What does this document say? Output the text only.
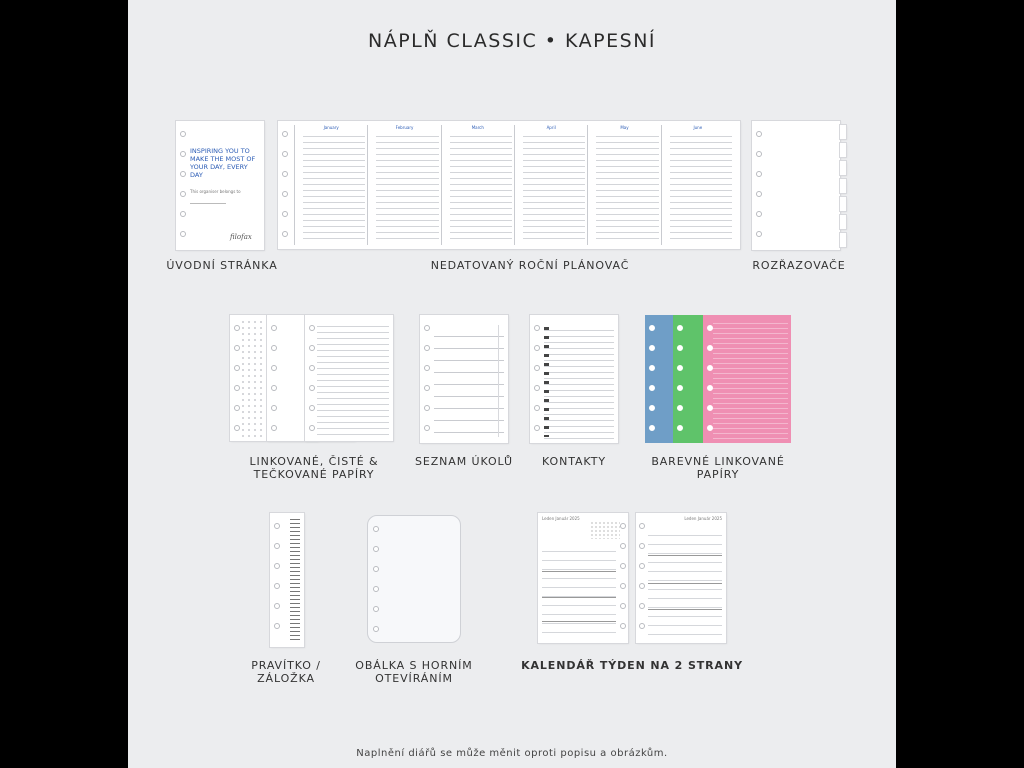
NÁPLŇ CLASSIC • KAPESNÍ
INSPIRING YOU TO MAKE THE MOST OF YOUR DAY, EVERY DAY
This organiser belongs to
filofax
January	February	March	April	May	June
ÚVODNÍ STRÁNKA	NEDATOVANÝ ROČNÍ PLÁNOVAČ	ROZŘAZOVAČE
LINKOVANÉ, ČISTÉ &
TEČKOVANÉ PAPÍRY
SEZNAM ÚKOLŮ	KONTAKTY	BAREVNÉ LINKOVANÉ
PAPÍRY
Leden Január 2025	Leden Január 2025
PRAVÍTKO /
ZÁLOŽKA
OBÁLKA S HORNÍM
OTEVÍRÁNÍM
KALENDÁŘ TÝDEN NA 2 STRANY
Naplnění diářů se může měnit oproti popisu a obrázkům.
